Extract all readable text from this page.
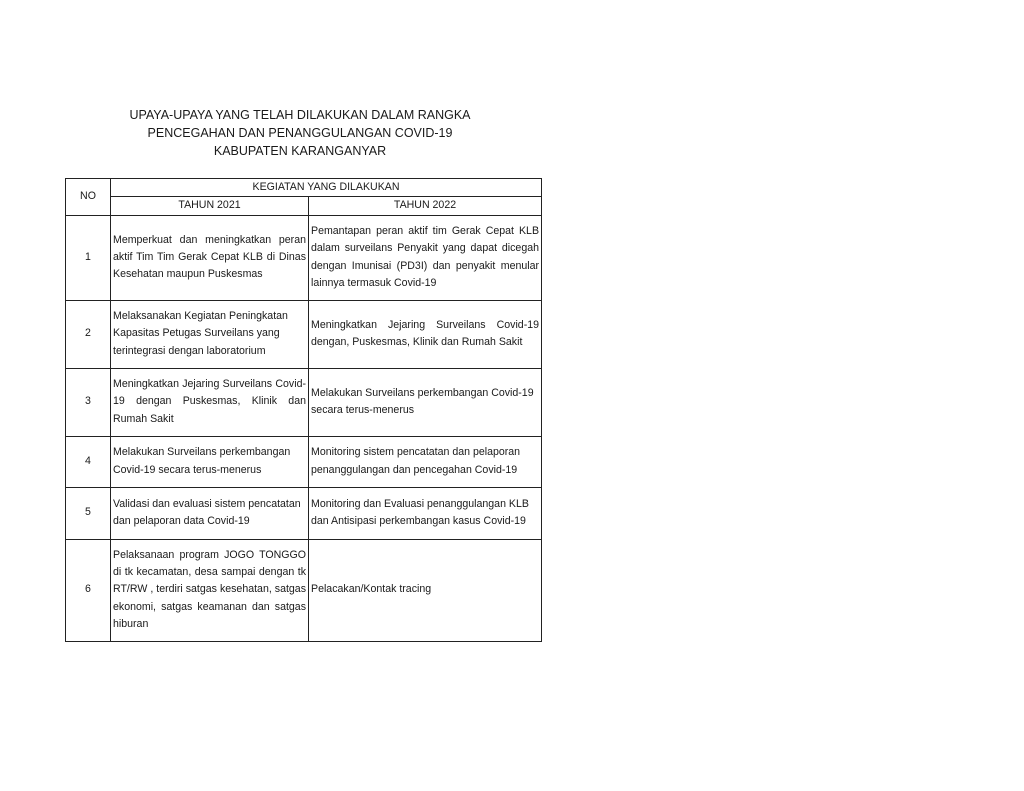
UPAYA-UPAYA YANG TELAH DILAKUKAN DALAM RANGKA
PENCEGAHAN DAN PENANGGULANGAN COVID-19
KABUPATEN KARANGANYAR
NO	KEGIATAN YANG DILAKUKAN	
	TAHUN 2021	TAHUN 2022
1	Memperkuat dan meningkatkan peran aktif Tim Tim Gerak Cepat KLB di Dinas Kesehatan maupun Puskesmas	Pemantapan peran aktif tim Gerak Cepat KLB dalam surveilans Penyakit yang dapat dicegah dengan Imunisai (PD3I) dan penyakit menular lainnya termasuk Covid-19
2	Melaksanakan Kegiatan Peningkatan Kapasitas Petugas Surveilans yang terintegrasi dengan laboratorium	Meningkatkan Jejaring Surveilans Covid-19 dengan, Puskesmas, Klinik dan Rumah Sakit
3	Meningkatkan Jejaring Surveilans Covid-19 dengan Puskesmas, Klinik dan Rumah Sakit	Melakukan Surveilans perkembangan Covid-19 secara terus-menerus
4	Melakukan Surveilans perkembangan Covid-19 secara terus-menerus	Monitoring sistem pencatatan dan pelaporan penanggulangan dan pencegahan Covid-19
5	Validasi dan evaluasi sistem pencatatan dan pelaporan data Covid-19	Monitoring dan Evaluasi penanggulangan KLB dan Antisipasi perkembangan kasus Covid-19
6	Pelaksanaan program JOGO TONGGO di tk kecamatan, desa sampai dengan tk RT/RW , terdiri satgas kesehatan, satgas ekonomi, satgas keamanan dan satgas hiburan	Pelacakan/Kontak tracing
